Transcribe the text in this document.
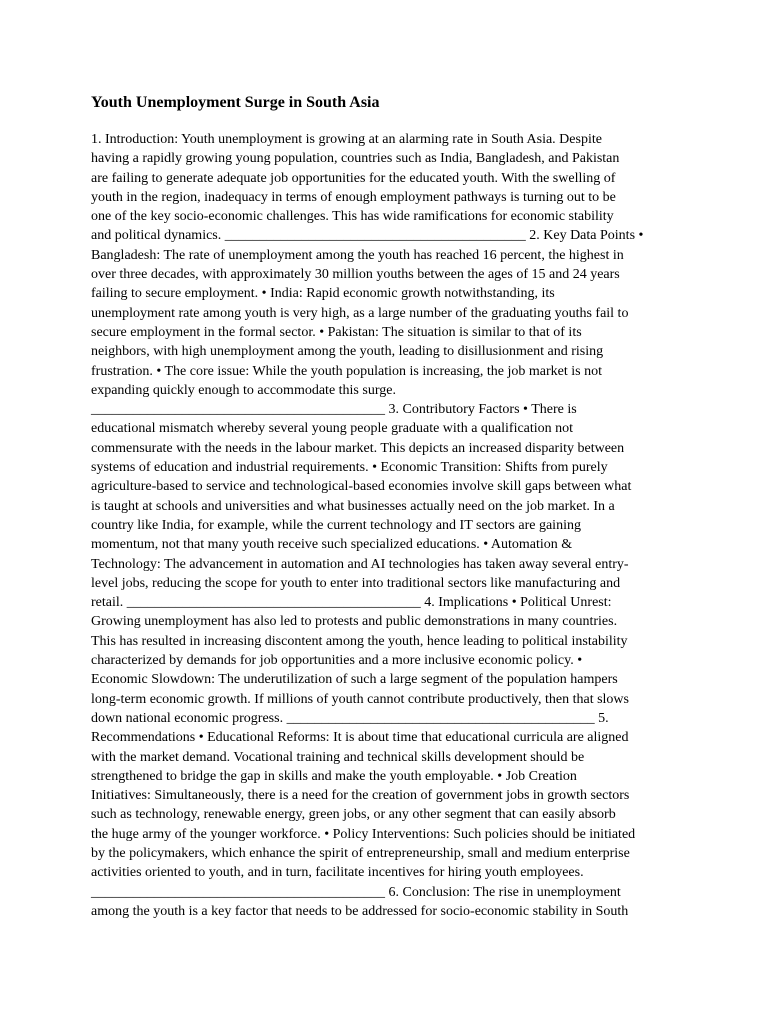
Youth Unemployment Surge in South Asia
1. Introduction: Youth unemployment is growing at an alarming rate in South Asia. Despite
having a rapidly growing young population, countries such as India, Bangladesh, and Pakistan
are failing to generate adequate job opportunities for the educated youth. With the swelling of
youth in the region, inadequacy in terms of enough employment pathways is turning out to be
one of the key socio-economic challenges. This has wide ramifications for economic stability
and political dynamics. ___________________________________________ 2. Key Data Points •
Bangladesh: The rate of unemployment among the youth has reached 16 percent, the highest in
over three decades, with approximately 30 million youths between the ages of 15 and 24 years
failing to secure employment. • India: Rapid economic growth notwithstanding, its
unemployment rate among youth is very high, as a large number of the graduating youths fail to
secure employment in the formal sector. • Pakistan: The situation is similar to that of its
neighbors, with high unemployment among the youth, leading to disillusionment and rising
frustration. • The core issue: While the youth population is increasing, the job market is not
expanding quickly enough to accommodate this surge.
__________________________________________ 3. Contributory Factors • There is
educational mismatch whereby several young people graduate with a qualification not
commensurate with the needs in the labour market. This depicts an increased disparity between
systems of education and industrial requirements. • Economic Transition: Shifts from purely
agriculture-based to service and technological-based economies involve skill gaps between what
is taught at schools and universities and what businesses actually need on the job market. In a
country like India, for example, while the current technology and IT sectors are gaining
momentum, not that many youth receive such specialized educations. • Automation &
Technology: The advancement in automation and AI technologies has taken away several entry-
level jobs, reducing the scope for youth to enter into traditional sectors like manufacturing and
retail. __________________________________________ 4. Implications • Political Unrest:
Growing unemployment has also led to protests and public demonstrations in many countries.
This has resulted in increasing discontent among the youth, hence leading to political instability
characterized by demands for job opportunities and a more inclusive economic policy. •
Economic Slowdown: The underutilization of such a large segment of the population hampers
long-term economic growth. If millions of youth cannot contribute productively, then that slows
down national economic progress. ____________________________________________ 5.
Recommendations • Educational Reforms: It is about time that educational curricula are aligned
with the market demand. Vocational training and technical skills development should be
strengthened to bridge the gap in skills and make the youth employable. • Job Creation
Initiatives: Simultaneously, there is a need for the creation of government jobs in growth sectors
such as technology, renewable energy, green jobs, or any other segment that can easily absorb
the huge army of the younger workforce. • Policy Interventions: Such policies should be initiated
by the policymakers, which enhance the spirit of entrepreneurship, small and medium enterprise
activities oriented to youth, and in turn, facilitate incentives for hiring youth employees.
__________________________________________ 6. Conclusion: The rise in unemployment
among the youth is a key factor that needs to be addressed for socio-economic stability in South
